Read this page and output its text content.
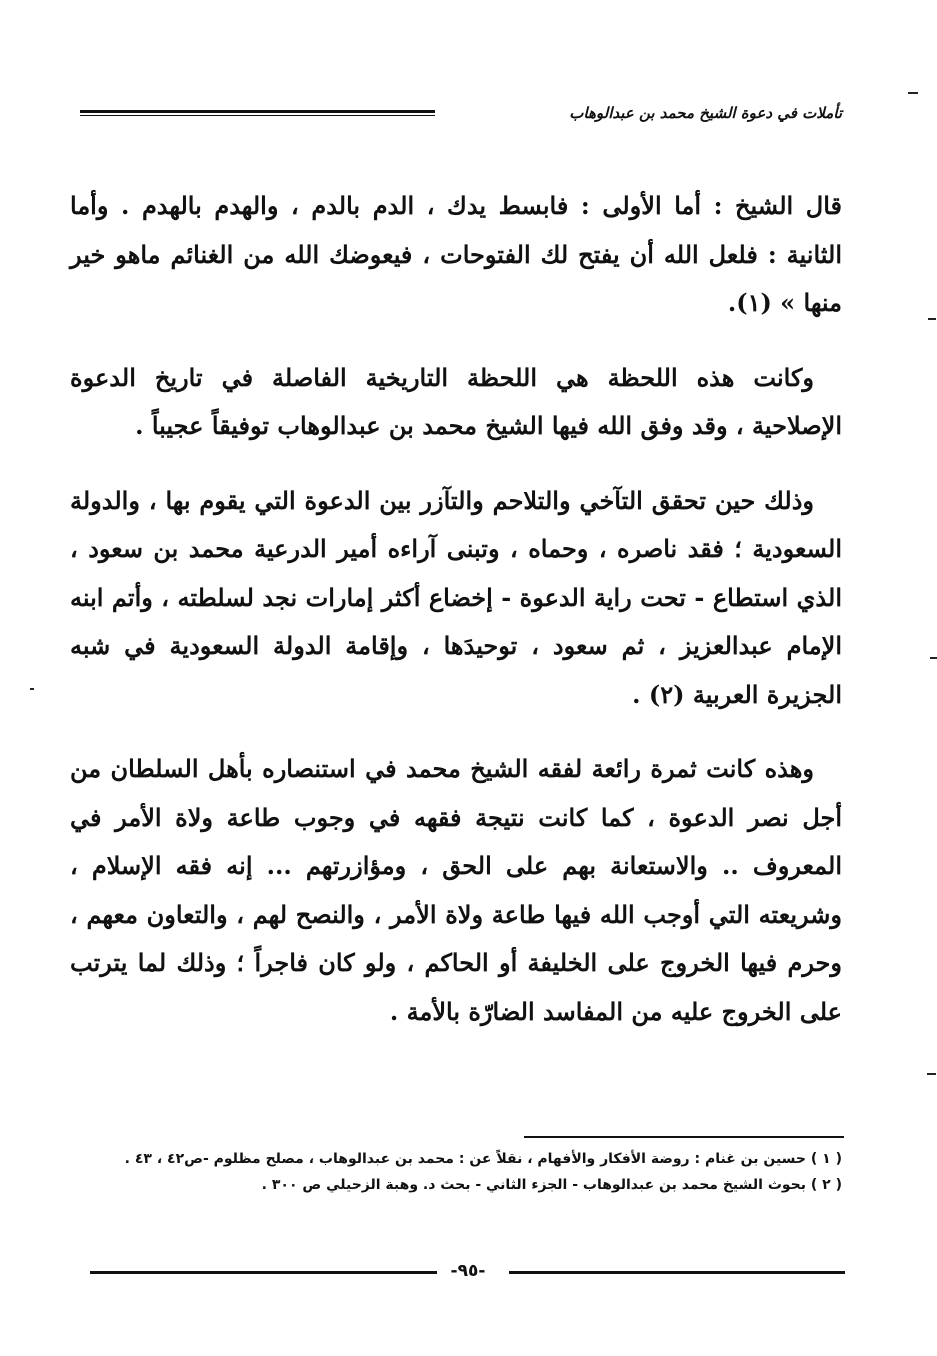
تأملات في دعوة الشيخ محمد بن عبدالوهاب

قال الشيخ : أما الأولى : فابسط يدك ، الدم بالدم ، والهدم بالهدم . وأما الثانية : فلعل الله أن يفتح لك الفتوحات ، فيعوضك الله من الغنائم ماهو خير منها » (١).

وكانت هذه اللحظة هي اللحظة التاريخية الفاصلة في تاريخ الدعوة الإصلاحية ، وقد وفق الله فيها الشيخ محمد بن عبدالوهاب توفيقاً عجيباً .

وذلك حين تحقق التآخي والتلاحم والتآزر بين الدعوة التي يقوم بها ، والدولة السعودية ؛ فقد ناصره ، وحماه ، وتبنى آراءه أمير الدرعية محمد بن سعود ، الذي استطاع - تحت راية الدعوة - إخضاع أكثر إمارات نجد لسلطته ، وأتم ابنه الإمام عبدالعزيز ، ثم سعود ، توحيدَها ، وإقامة الدولة السعودية في شبه الجزيرة العربية (٢) .

وهذه كانت ثمرة رائعة لفقه الشيخ محمد في استنصاره بأهل السلطان من أجل نصر الدعوة ، كما كانت نتيجة فقهه في وجوب طاعة ولاة الأمر في المعروف .. والاستعانة بهم على الحق ، ومؤازرتهم ... إنه فقه الإسلام ، وشريعته التي أوجب الله فيها طاعة ولاة الأمر ، والنصح لهم ، والتعاون معهم ، وحرم فيها الخروج على الخليفة أو الحاكم ، ولو كان فاجراً ؛ وذلك لما يترتب على الخروج عليه من المفاسد الضارّة بالأمة .

( ١ ) حسين بن غنام : روضة الأفكار والأفهام ، نقلاً عن : محمد بن عبدالوهاب ، مصلح مظلوم -ص٤٢ ، ٤٣ .

( ٢ ) بحوث الشيخ محمد بن عبدالوهاب - الجزء الثاني - بحث د. وهبة الزحيلي ص ٣٠٠ .

-٩٥-
